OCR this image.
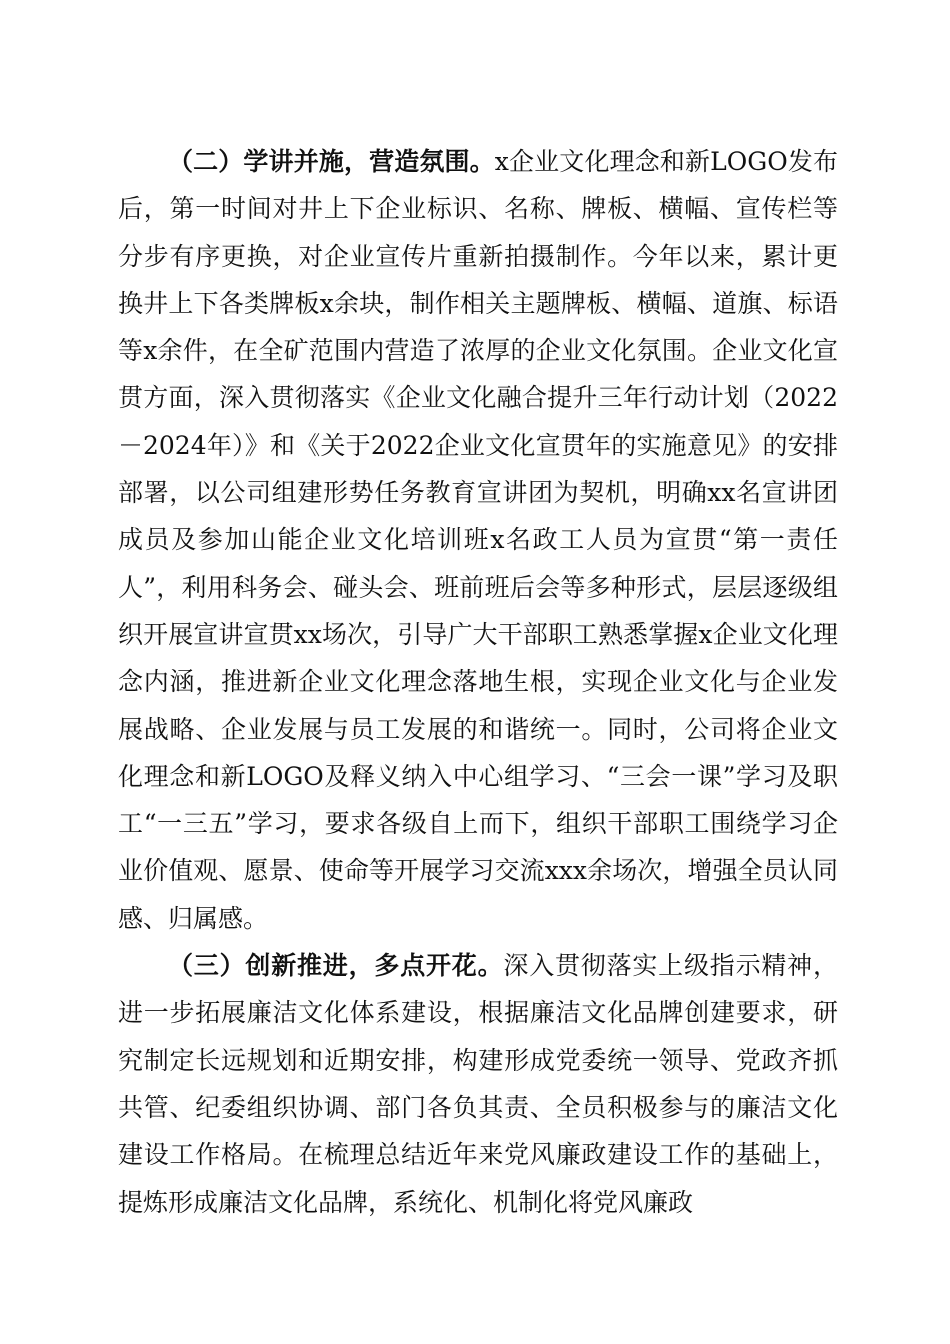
（二）学讲并施，营造氛围。x企业文化理念和新LOGO发布后，第一时间对井上下企业标识、名称、牌板、横幅、宣传栏等分步有序更换，对企业宣传片重新拍摄制作。今年以来，累计更换井上下各类牌板x余块，制作相关主题牌板、横幅、道旗、标语等x余件，在全矿范围内营造了浓厚的企业文化氛围。企业文化宣贯方面，深入贯彻落实《企业文化融合提升三年行动计划（2022－2024年）》和《关于2022企业文化宣贯年的实施意见》的安排部署，以公司组建形势任务教育宣讲团为契机，明确xx名宣讲团成员及参加山能企业文化培训班x名政工人员为宣贯“第一责任人”，利用科务会、碰头会、班前班后会等多种形式，层层逐级组织开展宣讲宣贯xx场次，引导广大干部职工熟悉掌握x企业文化理念内涵，推进新企业文化理念落地生根，实现企业文化与企业发展战略、企业发展与员工发展的和谐统一。同时，公司将企业文化理念和新LOGO及释义纳入中心组学习、“三会一课”学习及职工“一三五”学习，要求各级自上而下，组织干部职工围绕学习企业价值观、愿景、使命等开展学习交流xxx余场次，增强全员认同感、归属感。

（三）创新推进，多点开花。深入贯彻落实上级指示精神，进一步拓展廉洁文化体系建设，根据廉洁文化品牌创建要求，研究制定长远规划和近期安排，构建形成党委统一领导、党政齐抓共管、纪委组织协调、部门各负其责、全员积极参与的廉洁文化建设工作格局。在梳理总结近年来党风廉政建设工作的基础上，提炼形成廉洁文化品牌，系统化、机制化将党风廉政
